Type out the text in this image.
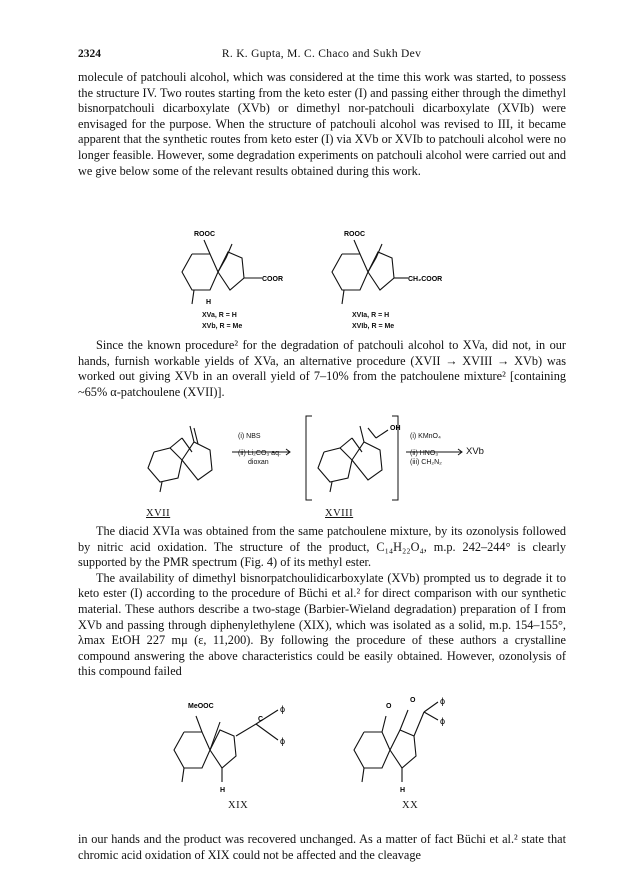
2324	R. K. Gupta, M. C. Chaco and Sukh Dev

molecule of patchouli alcohol, which was considered at the time this work was started, to possess the structure IV. Two routes starting from the keto ester (I) and passing either through the dimethyl bisnorpatchouli dicarboxylate (XVb) or dimethyl nor-patchouli dicarboxylate (XVIb) were envisaged for the purpose. When the structure of patchouli alcohol was revised to III, it became apparent that the synthetic routes from keto ester (I) via XVb or XVIb to patchouli alcohol were no longer feasible. However, some degradation experiments on patchouli alcohol were carried out and we give below some of the relevant results obtained during this work.

ROOC
COOR
H
ROOC
CH₂COOR
XVa, R = H
XVb, R = Me
XVIa, R = H
XVIb, R = Me

Since the known procedure² for the degradation of patchouli alcohol to XVa, did not, in our hands, furnish workable yields of XVa, an alternative procedure (XVII → XVIII → XVb) was worked out giving XVb in an overall yield of 7–10% from the patchoulene mixture² [containing ~65% α-patchoulene (XVII)].

OH
(i) NBS
(ii) Li₂CO₃ aq.
dioxan
(i) KMnO₄
(ii) HNO₃
(iii) CH₂N₂
XVb
XVII	XVIII

The diacid XVIa was obtained from the same patchoulene mixture, by its ozonolysis followed by nitric acid oxidation. The structure of the product, C₁₄H₂₂O₄, m.p. 242–244° is clearly supported by the PMR spectrum (Fig. 4) of its methyl ester.

The availability of dimethyl bisnorpatchoulidicarboxylate (XVb) prompted us to degrade it to keto ester (I) according to the procedure of Büchi et al.² for direct comparison with our synthetic material. These authors describe a two-stage (Barbier-Wieland degradation) preparation of I from XVb and passing through diphenylethylene (XIX), which was isolated as a solid, m.p. 154–155°, λmax EtOH 227 mμ (ε, 11,200). By following the procedure of these authors a crystalline compound answering the above characteristics could be easily obtained. However, ozonolysis of this compound failed

MeOOC
C
ϕ
ϕ
H
O
O	ϕ
ϕ
H
XIX	XX

in our hands and the product was recovered unchanged. As a matter of fact Büchi et al.² state that chromic acid oxidation of XIX could not be affected and the cleavage
